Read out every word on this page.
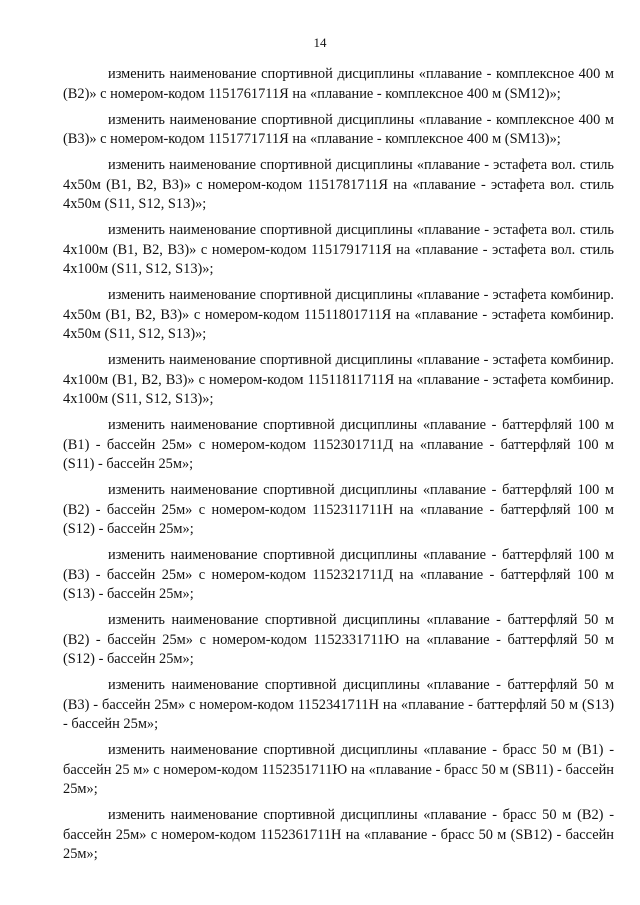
14

изменить наименование спортивной дисциплины «плавание - комплексное 400 м (В2)» с номером-кодом 1151761711Я на «плавание - комплексное 400 м (SM12)»;

изменить наименование спортивной дисциплины «плавание - комплексное 400 м (В3)» с номером-кодом 1151771711Я на «плавание - комплексное 400 м (SM13)»;

изменить наименование спортивной дисциплины «плавание - эстафета вол. стиль 4х50м (В1, В2, В3)» с номером-кодом 1151781711Я на «плавание - эстафета вол. стиль 4х50м (S11, S12, S13)»;

изменить наименование спортивной дисциплины «плавание - эстафета вол. стиль 4х100м (В1, В2, В3)» с номером-кодом 1151791711Я на «плавание - эстафета вол. стиль 4х100м (S11, S12, S13)»;

изменить наименование спортивной дисциплины «плавание - эстафета комбинир. 4х50м (В1, В2, В3)» с номером-кодом 1151180171​1Я на «плавание - эстафета комбинир. 4х50м (S11, S12, S13)»;

изменить наименование спортивной дисциплины «плавание - эстафета комбинир. 4х100м (В1, В2, В3)» с номером-кодом 11511811711Я на «плавание - эстафета комбинир. 4х100м (S11, S12, S13)»;

изменить наименование спортивной дисциплины «плавание - баттерфляй 100 м (В1) - бассейн 25м» с номером-кодом 1152301711Д на «плавание - баттерфляй 100 м (S11) - бассейн 25м»;

изменить наименование спортивной дисциплины «плавание - баттерфляй 100 м (В2) - бассейн 25м» с номером-кодом 1152311711Н на «плавание - баттерфляй 100 м (S12) - бассейн 25м»;

изменить наименование спортивной дисциплины «плавание - баттерфляй 100 м (В3) - бассейн 25м» с номером-кодом 1152321711Д на «плавание - баттерфляй 100 м (S13) - бассейн 25м»;

изменить наименование спортивной дисциплины «плавание - баттерфляй 50 м (В2) - бассейн 25м» с номером-кодом 1152331711Ю на «плавание - баттерфляй 50 м (S12) - бассейн 25м»;

изменить наименование спортивной дисциплины «плавание - баттерфляй 50 м (В3) - бассейн 25м» с номером-кодом 1152341711Н на «плавание - баттерфляй 50 м (S13) - бассейн 25м»;

изменить наименование спортивной дисциплины «плавание - брасс 50 м (В1) - бассейн 25 м» с номером-кодом 1152351711Ю на «плавание - брасс 50 м (SB11) - бассейн 25м»;

изменить наименование спортивной дисциплины «плавание - брасс 50 м (В2) - бассейн 25м» с номером-кодом 1152361711Н на «плавание - брасс 50 м (SB12) - бассейн 25м»;
